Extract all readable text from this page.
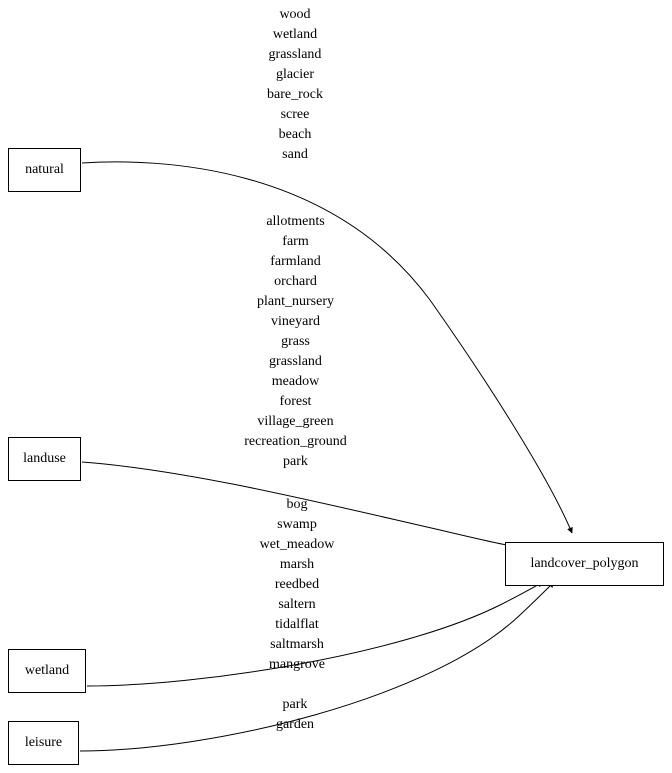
natural
landuse
wetland
leisure
landcover_polygon
wood
wetland
grassland
glacier
bare_rock
scree
beach
sand
allotments
farm
farmland
orchard
plant_nursery
vineyard
grass
grassland
meadow
forest
village_green
recreation_ground
park
bog
swamp
wet_meadow
marsh
reedbed
saltern
tidalflat
saltmarsh
mangrove
park
garden
